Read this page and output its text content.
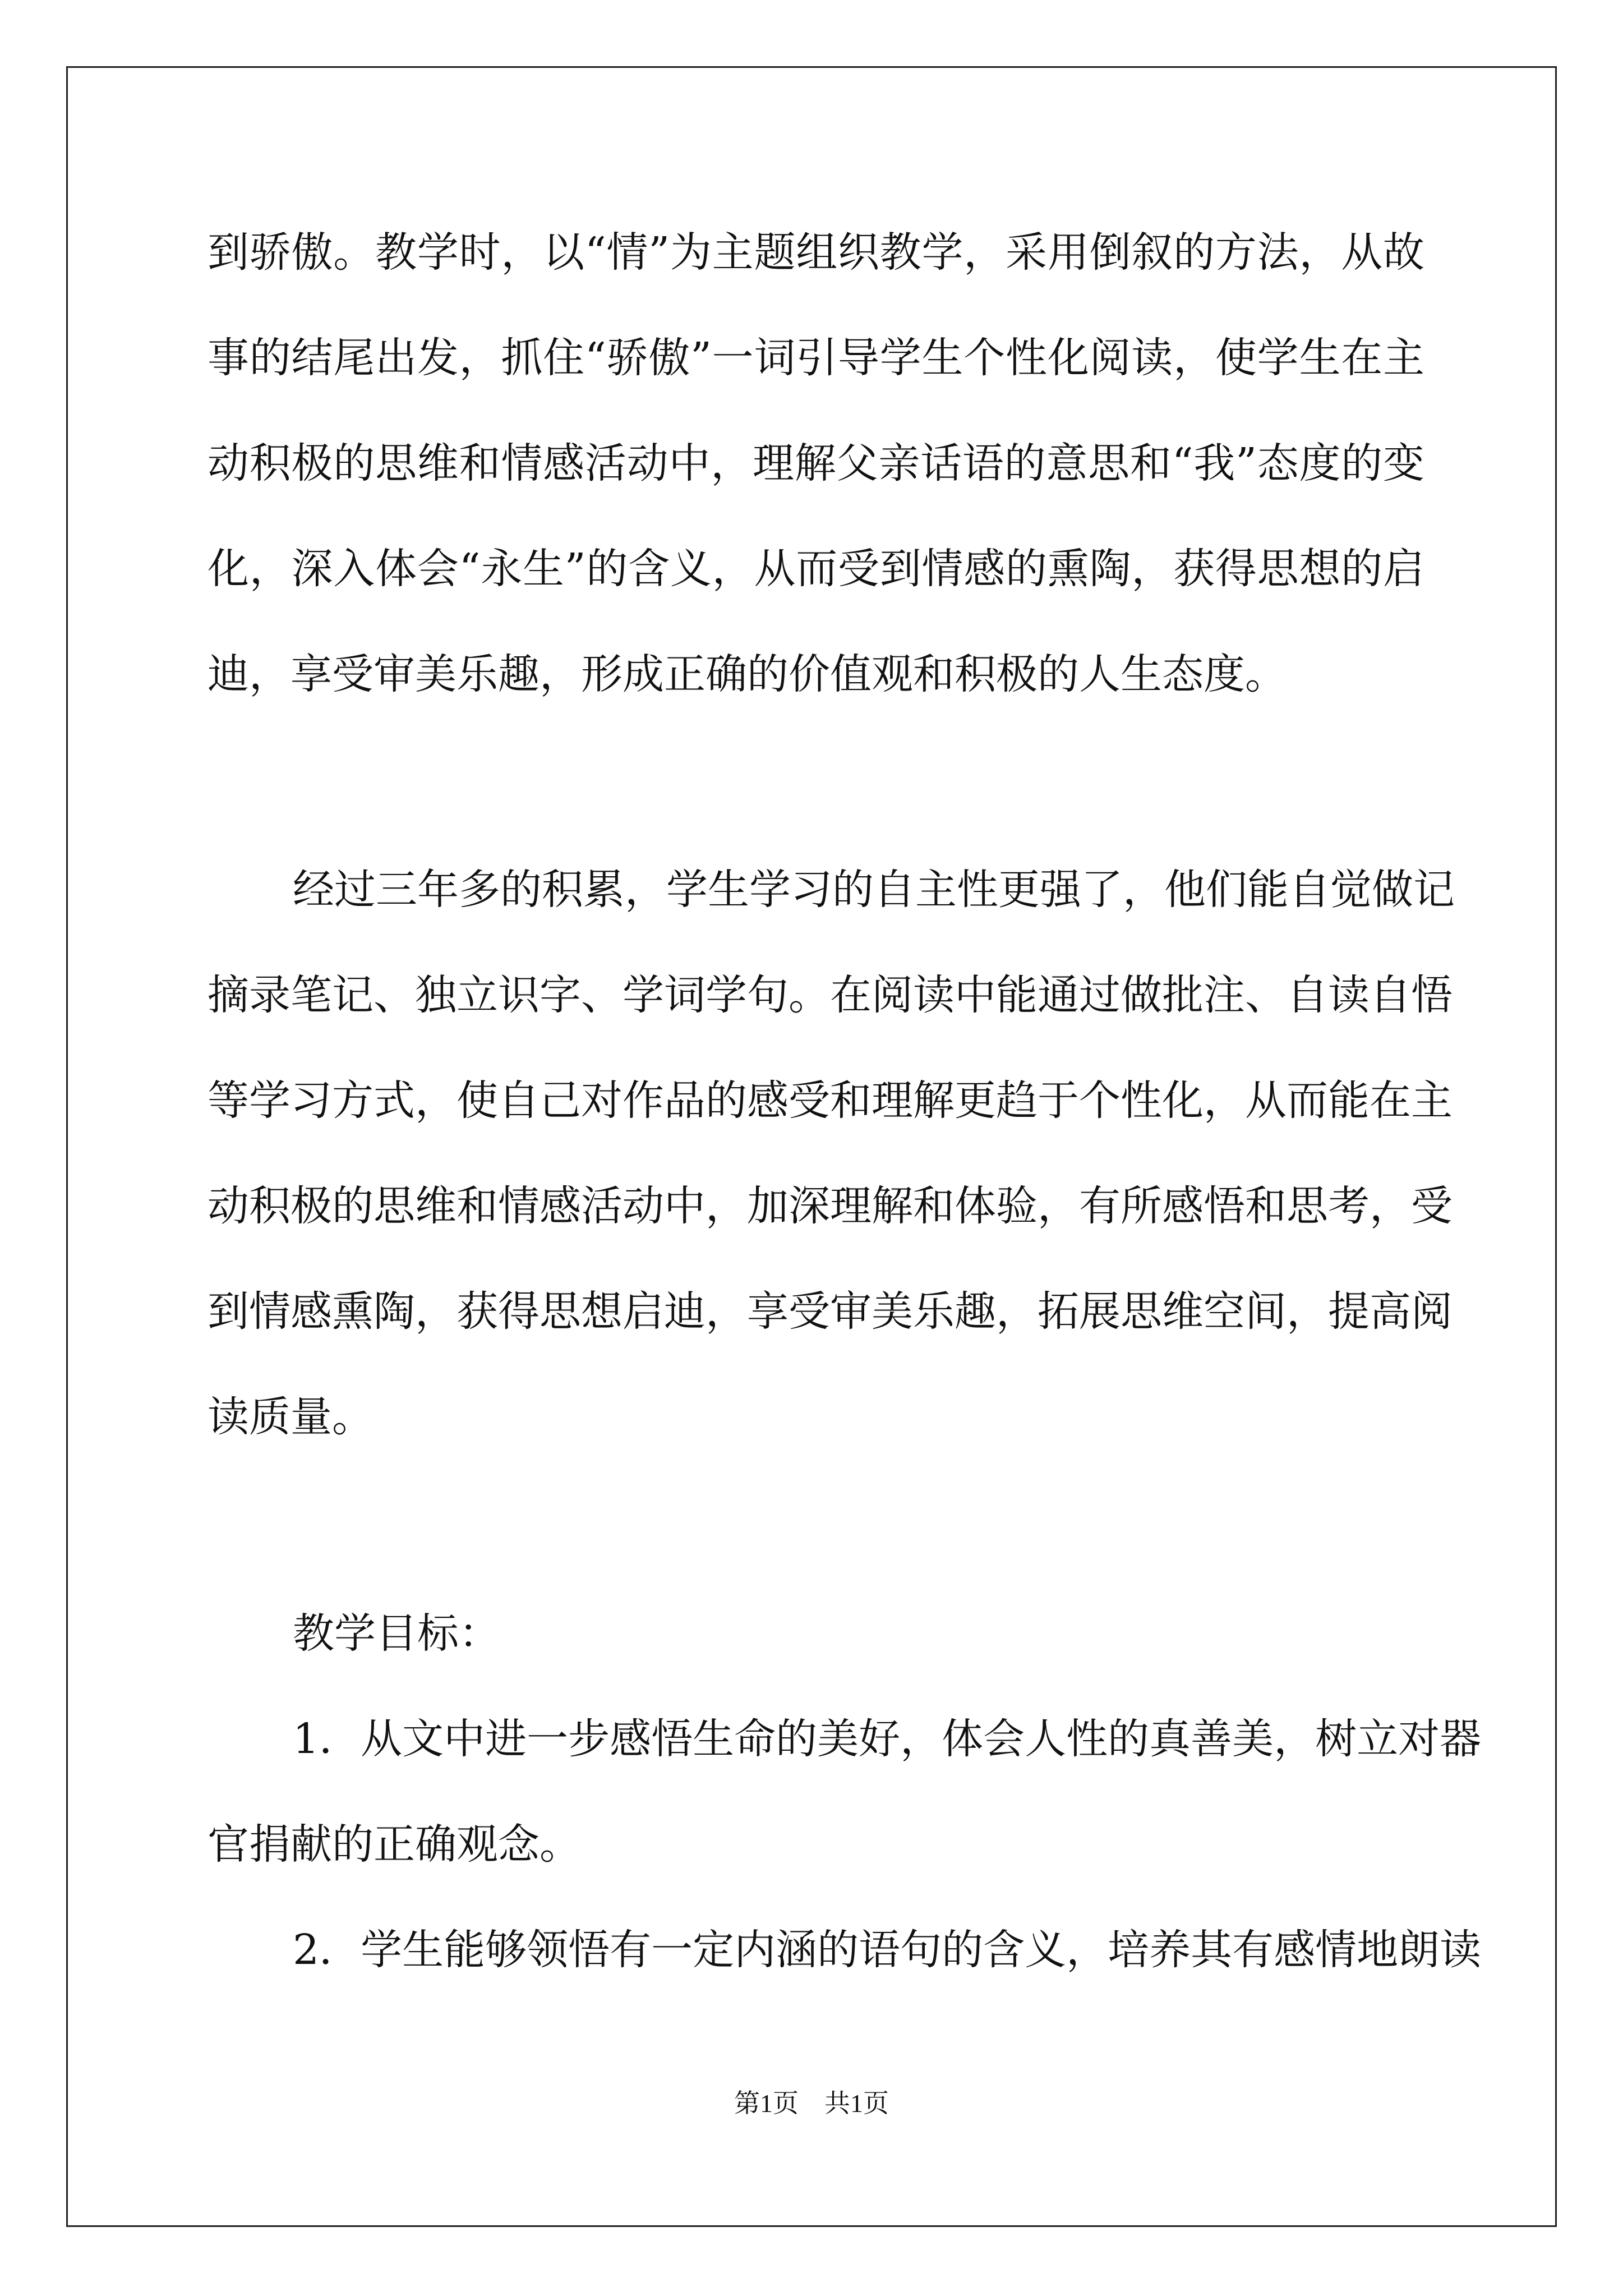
到骄傲。教学时，以“情”为主题组织教学，采用倒叙的方法，从故
事的结尾出发，抓住“骄傲”一词引导学生个性化阅读，使学生在主
动积极的思维和情感活动中，理解父亲话语的意思和“我”态度的变
化，深入体会“永生”的含义，从而受到情感的熏陶，获得思想的启
迪，享受审美乐趣，形成正确的价值观和积极的人生态度。
经过三年多的积累，学生学习的自主性更强了，他们能自觉做记
摘录笔记、独立识字、学词学句。在阅读中能通过做批注、自读自悟
等学习方式，使自己对作品的感受和理解更趋于个性化，从而能在主
动积极的思维和情感活动中，加深理解和体验，有所感悟和思考，受
到情感熏陶，获得思想启迪，享受审美乐趣，拓展思维空间，提高阅
读质量。
教学目标：
1．从文中进一步感悟生命的美好，体会人性的真善美，树立对器
官捐献的正确观念。
2．学生能够领悟有一定内涵的语句的含义，培养其有感情地朗读
第1页　共1页
